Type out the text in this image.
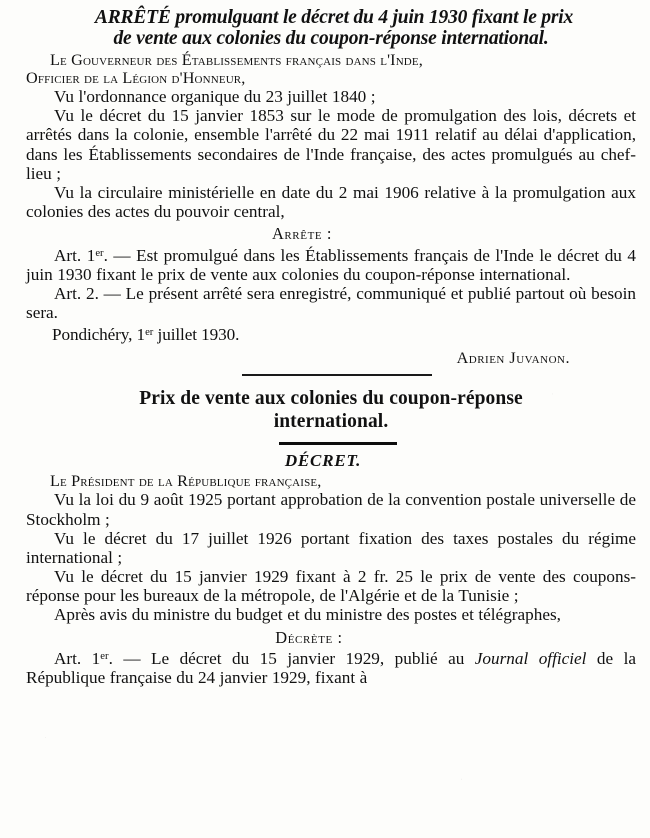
ARRÊTÉ promulguant le décret du 4 juin 1930 fixant le prix
de vente aux colonies du coupon-réponse international.

Le Gouverneur des Établissements français dans l'Inde,

Officier de la Légion d'Honneur,

Vu l'ordonnance organique du 23 juillet 1840 ;

Vu le décret du 15 janvier 1853 sur le mode de promulgation des lois, décrets et arrêtés dans la colonie, ensemble l'arrêté du 22 mai 1911 relatif au délai d'application, dans les Établissements secondaires de l'Inde française, des actes promulgués au chef-lieu ;

Vu la circulaire ministérielle en date du 2 mai 1906 relative à la promulgation aux colonies des actes du pouvoir central,

Arrête :

Art. 1er. — Est promulgué dans les Établissements français de l'Inde le décret du 4 juin 1930 fixant le prix de vente aux colonies du coupon-réponse international.

Art. 2. — Le présent arrêté sera enregistré, communiqué et publié partout où besoin sera.

Pondichéry, 1er juillet 1930.

Adrien Juvanon.

Prix de vente aux colonies du coupon-réponse
international.

DÉCRET.

Le Président de la République française,

Vu la loi du 9 août 1925 portant approbation de la convention postale universelle de Stockholm ;

Vu le décret du 17 juillet 1926 portant fixation des taxes postales du régime international ;

Vu le décret du 15 janvier 1929 fixant à 2 fr. 25 le prix de vente des coupons-réponse pour les bureaux de la métropole, de l'Algérie et de la Tunisie ;

Après avis du ministre du budget et du ministre des postes et télégraphes,

Décrète :

Art. 1er. — Le décret du 15 janvier 1929, publié au Journal officiel de la République française du 24 janvier 1929, fixant à
